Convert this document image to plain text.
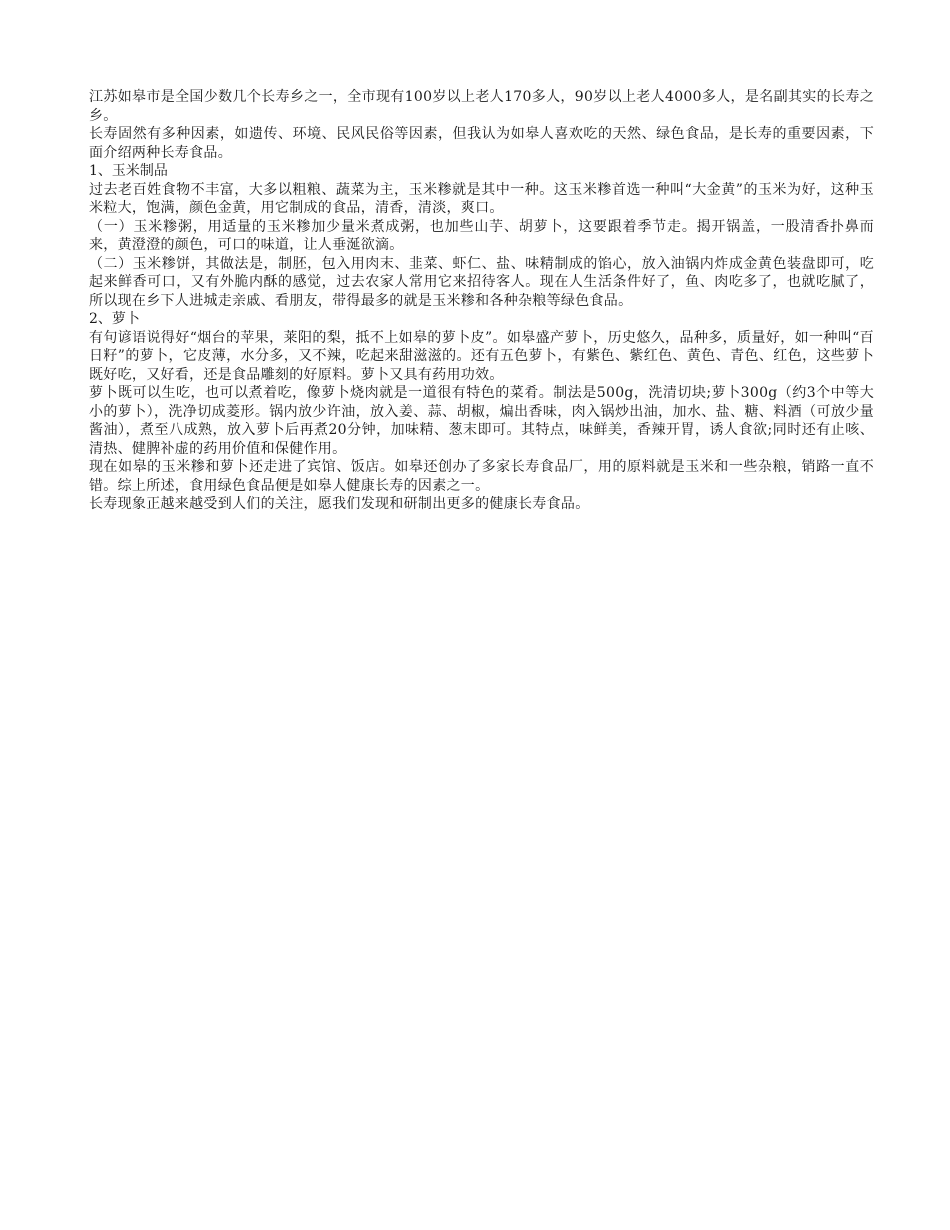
江苏如皋市是全国少数几个长寿乡之一，全市现有100岁以上老人170多人，90岁以上老人4000多人，是名副其实的长寿之乡。

长寿固然有多种因素，如遗传、环境、民风民俗等因素，但我认为如皋人喜欢吃的天然、绿色食品，是长寿的重要因素，下面介绍两种长寿食品。

1、玉米制品

过去老百姓食物不丰富，大多以粗粮、蔬菜为主，玉米糁就是其中一种。这玉米糁首选一种叫“大金黄”的玉米为好，这种玉米粒大，饱满，颜色金黄，用它制成的食品，清香，清淡，爽口。

（一）玉米糁粥，用适量的玉米糁加少量米煮成粥，也加些山芋、胡萝卜，这要跟着季节走。揭开锅盖，一股清香扑鼻而来，黄澄澄的颜色，可口的味道，让人垂涎欲滴。

（二）玉米糁饼，其做法是，制胚，包入用肉末、韭菜、虾仁、盐、味精制成的馅心，放入油锅内炸成金黄色装盘即可，吃起来鲜香可口，又有外脆内酥的感觉，过去农家人常用它来招待客人。现在人生活条件好了，鱼、肉吃多了，也就吃腻了，所以现在乡下人进城走亲戚、看朋友，带得最多的就是玉米糁和各种杂粮等绿色食品。

2、萝卜

有句谚语说得好“烟台的苹果，莱阳的梨，抵不上如皋的萝卜皮”。如皋盛产萝卜，历史悠久，品种多，质量好，如一种叫“百日籽”的萝卜，它皮薄，水分多，又不辣，吃起来甜滋滋的。还有五色萝卜，有紫色、紫红色、黄色、青色、红色，这些萝卜既好吃，又好看，还是食品雕刻的好原料。萝卜又具有药用功效。

萝卜既可以生吃，也可以煮着吃，像萝卜烧肉就是一道很有特色的菜肴。制法是500g，洗清切块;萝卜300g（约3个中等大小的萝卜），洗净切成菱形。锅内放少许油，放入姜、蒜、胡椒，煸出香味，肉入锅炒出油，加水、盐、糖、料酒（可放少量酱油），煮至八成熟，放入萝卜后再煮20分钟，加味精、葱末即可。其特点，味鲜美，香辣开胃，诱人食欲;同时还有止咳、清热、健脾补虚的药用价值和保健作用。

现在如皋的玉米糁和萝卜还走进了宾馆、饭店。如皋还创办了多家长寿食品厂，用的原料就是玉米和一些杂粮，销路一直不错。综上所述，食用绿色食品便是如皋人健康长寿的因素之一。

长寿现象正越来越受到人们的关注，愿我们发现和研制出更多的健康长寿食品。
